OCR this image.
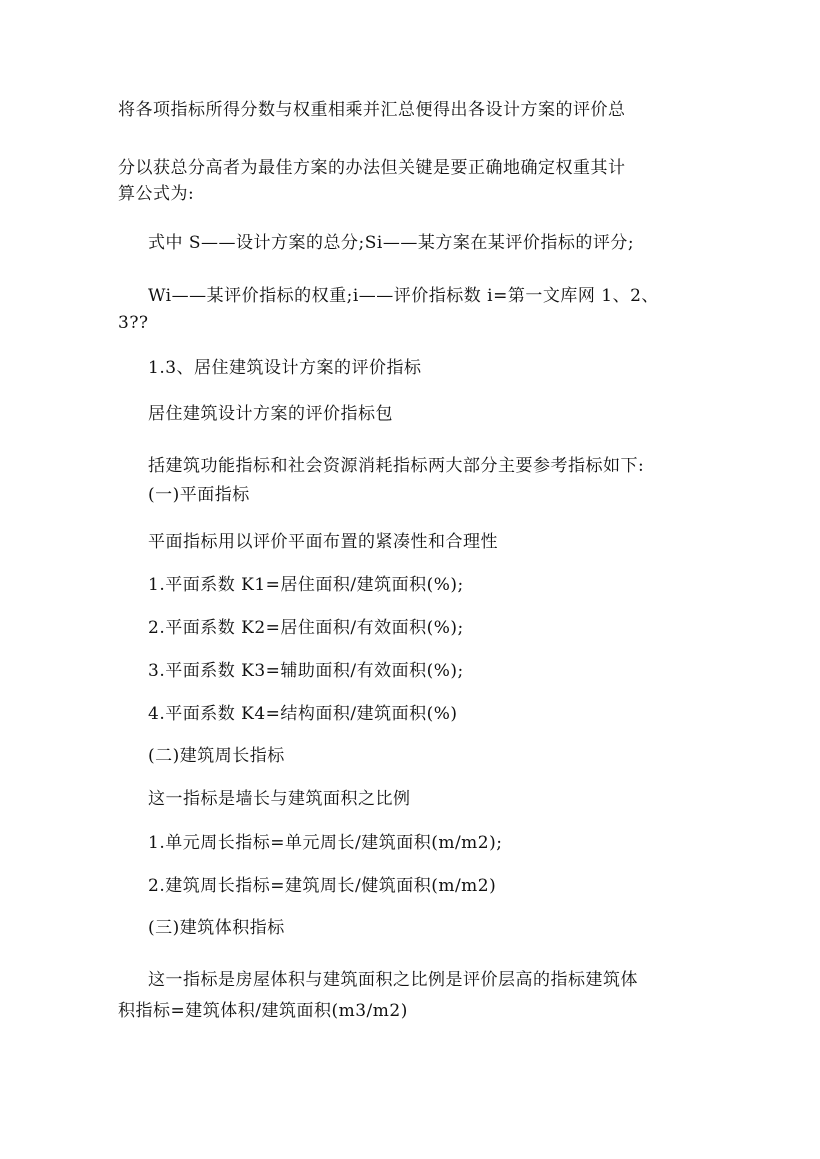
将各项指标所得分数与权重相乘并汇总便得出各设计方案的评价总
分以获总分高者为最佳方案的办法但关键是要正确地确定权重其计
算公式为:
式中 S——设计方案的总分;Si——某方案在某评价指标的评分;
Wi——某评价指标的权重;i——评价指标数 i=第一文库网 1、2、
3??
1.3、居住建筑设计方案的评价指标
居住建筑设计方案的评价指标包
括建筑功能指标和社会资源消耗指标两大部分主要参考指标如下:
(一)平面指标
平面指标用以评价平面布置的紧凑性和合理性
1.平面系数 K1=居住面积/建筑面积(%);
2.平面系数 K2=居住面积/有效面积(%);
3.平面系数 K3=辅助面积/有效面积(%);
4.平面系数 K4=结构面积/建筑面积(%)
(二)建筑周长指标
这一指标是墙长与建筑面积之比例
1.单元周长指标=单元周长/建筑面积(m/m2);
2.建筑周长指标=建筑周长/健筑面积(m/m2)
(三)建筑体积指标
这一指标是房屋体积与建筑面积之比例是评价层高的指标建筑体
积指标=建筑体积/建筑面积(m3/m2)
